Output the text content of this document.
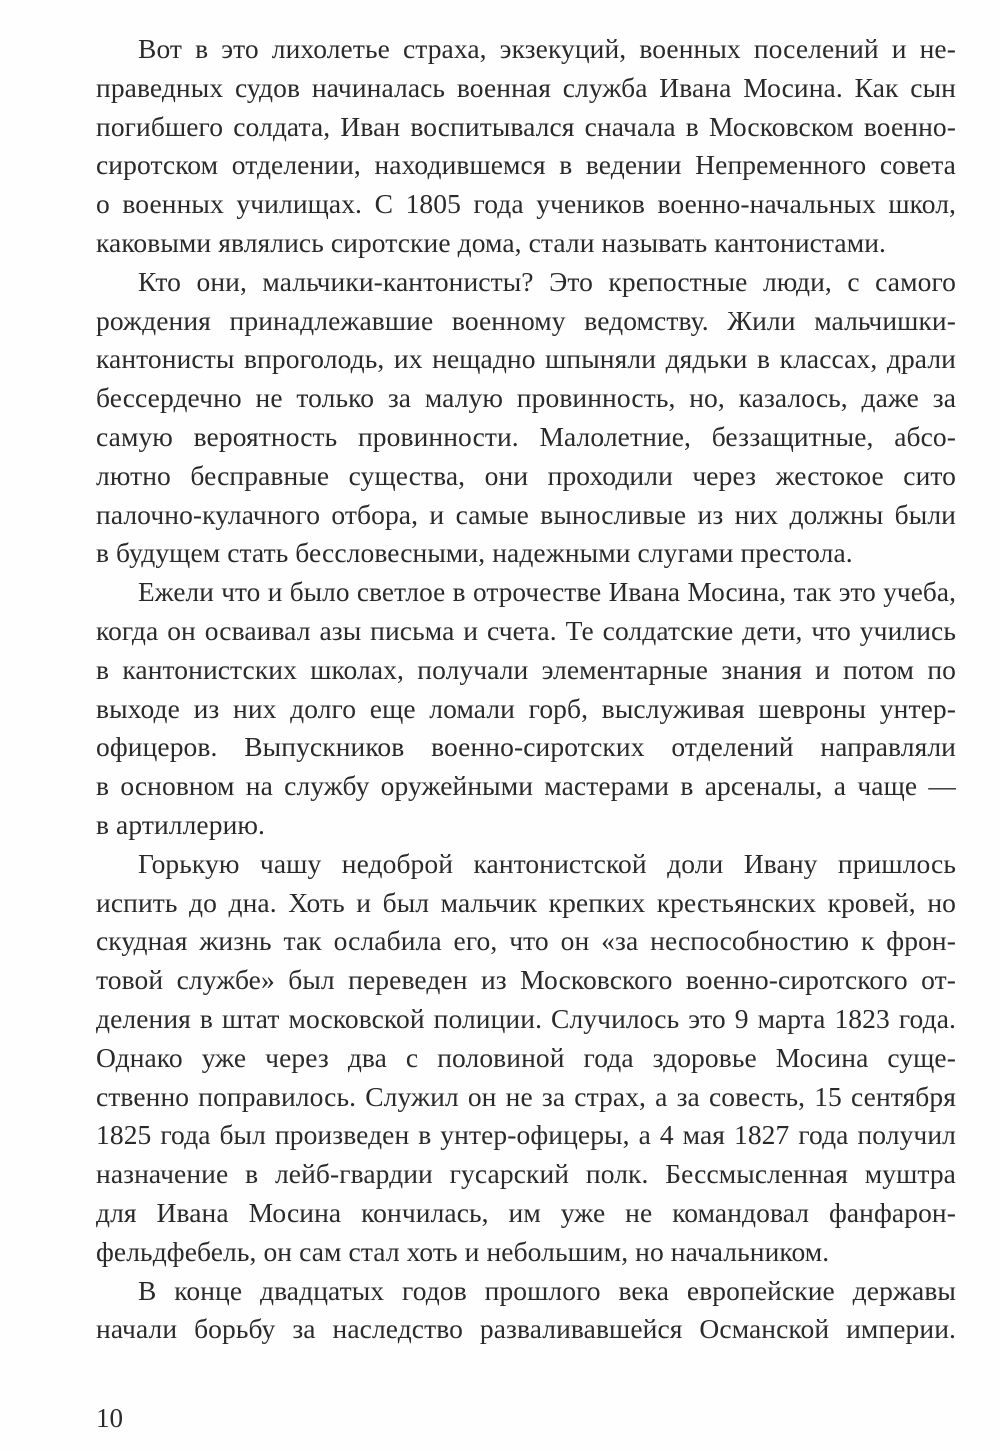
Вот в это лихолетье страха, экзекуций, военных поселений и не-
праведных судов начиналась военная служба Ивана Мосина. Как сын
погибшего солдата, Иван воспитывался сначала в Московском военно-
сиротском отделении, находившемся в ведении Непременного совета
о военных училищах. С 1805 года учеников военно-начальных школ,
каковыми являлись сиротские дома, стали называть кантонистами.
Кто они, мальчики-кантонисты? Это крепостные люди, с самого
рождения принадлежавшие военному ведомству. Жили мальчишки-
кантонисты впроголодь, их нещадно шпыняли дядьки в классах, драли
бессердечно не только за малую провинность, но, казалось, даже за
самую вероятность провинности. Малолетние, беззащитные, абсо-
лютно бесправные существа, они проходили через жестокое сито
палочно-кулачного отбора, и самые выносливые из них должны были
в будущем стать бессловесными, надежными слугами престола.
Ежели что и было светлое в отрочестве Ивана Мосина, так это учеба,
когда он осваивал азы письма и счета. Те солдатские дети, что учились
в кантонистских школах, получали элементарные знания и потом по
выходе из них долго еще ломали горб, выслуживая шевроны унтер-
офицеров. Выпускников военно-сиротских отделений направляли
в основном на службу оружейными мастерами в арсеналы, а чаще —
в артиллерию.
Горькую чашу недоброй кантонистской доли Ивану пришлось
испить до дна. Хоть и был мальчик крепких крестьянских кровей, но
скудная жизнь так ослабила его, что он «за неспособностию к фрон-
товой службе» был переведен из Московского военно-сиротского от-
деления в штат московской полиции. Случилось это 9 марта 1823 года.
Однако уже через два с половиной года здоровье Мосина суще-
ственно поправилось. Служил он не за страх, а за совесть, 15 сентября
1825 года был произведен в унтер-офицеры, а 4 мая 1827 года получил
назначение в лейб-гвардии гусарский полк. Бессмысленная муштра
для Ивана Мосина кончилась, им уже не командовал фанфарон-
фельдфебель, он сам стал хоть и небольшим, но начальником.
В конце двадцатых годов прошлого века европейские державы
начали борьбу за наследство разваливавшейся Османской империи.
10
